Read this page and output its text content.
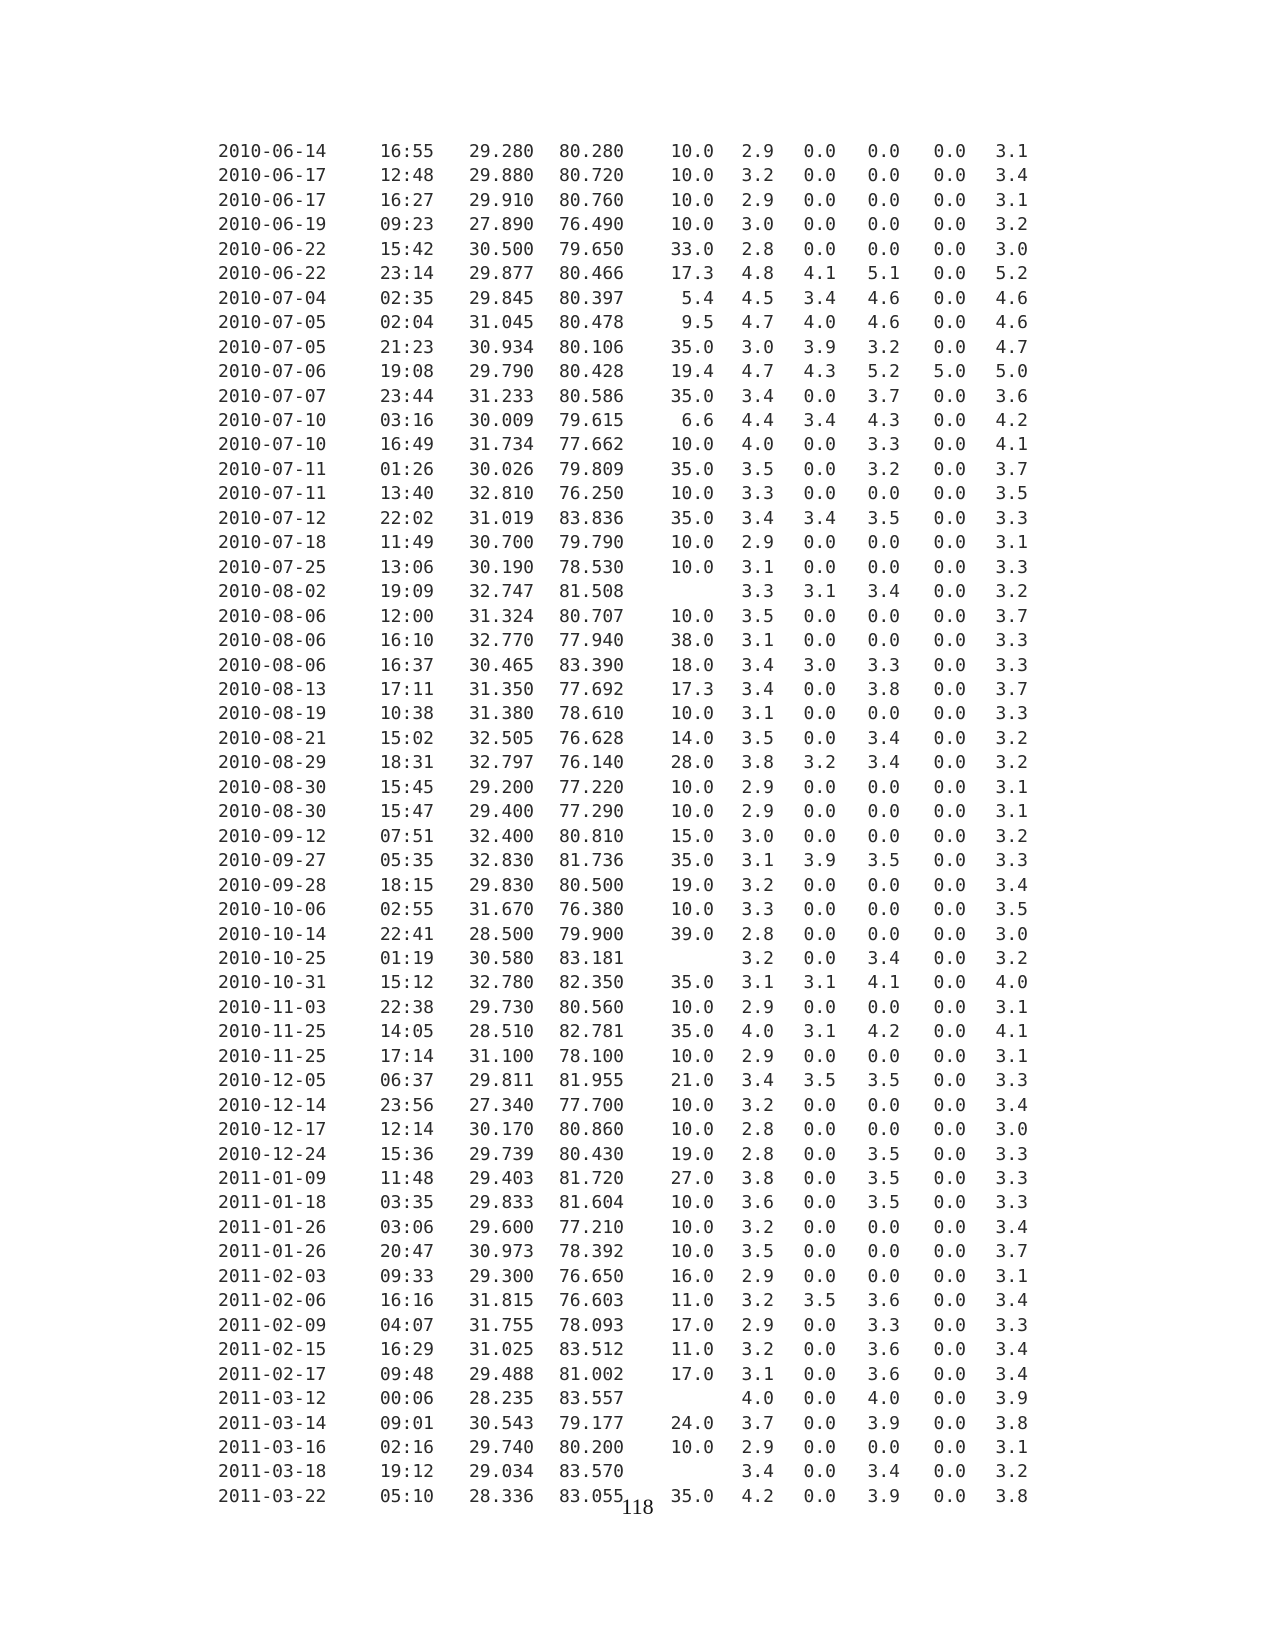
2010-06-14	16:55	29.280	80.280	10.0	2.9	0.0	0.0	0.0	3.1
2010-06-17	12:48	29.880	80.720	10.0	3.2	0.0	0.0	0.0	3.4
2010-06-17	16:27	29.910	80.760	10.0	2.9	0.0	0.0	0.0	3.1
2010-06-19	09:23	27.890	76.490	10.0	3.0	0.0	0.0	0.0	3.2
2010-06-22	15:42	30.500	79.650	33.0	2.8	0.0	0.0	0.0	3.0
2010-06-22	23:14	29.877	80.466	17.3	4.8	4.1	5.1	0.0	5.2
2010-07-04	02:35	29.845	80.397	5.4	4.5	3.4	4.6	0.0	4.6
2010-07-05	02:04	31.045	80.478	9.5	4.7	4.0	4.6	0.0	4.6
2010-07-05	21:23	30.934	80.106	35.0	3.0	3.9	3.2	0.0	4.7
2010-07-06	19:08	29.790	80.428	19.4	4.7	4.3	5.2	5.0	5.0
2010-07-07	23:44	31.233	80.586	35.0	3.4	0.0	3.7	0.0	3.6
2010-07-10	03:16	30.009	79.615	6.6	4.4	3.4	4.3	0.0	4.2
2010-07-10	16:49	31.734	77.662	10.0	4.0	0.0	3.3	0.0	4.1
2010-07-11	01:26	30.026	79.809	35.0	3.5	0.0	3.2	0.0	3.7
2010-07-11	13:40	32.810	76.250	10.0	3.3	0.0	0.0	0.0	3.5
2010-07-12	22:02	31.019	83.836	35.0	3.4	3.4	3.5	0.0	3.3
2010-07-18	11:49	30.700	79.790	10.0	2.9	0.0	0.0	0.0	3.1
2010-07-25	13:06	30.190	78.530	10.0	3.1	0.0	0.0	0.0	3.3
2010-08-02	19:09	32.747	81.508		3.3	3.1	3.4	0.0	3.2
2010-08-06	12:00	31.324	80.707	10.0	3.5	0.0	0.0	0.0	3.7
2010-08-06	16:10	32.770	77.940	38.0	3.1	0.0	0.0	0.0	3.3
2010-08-06	16:37	30.465	83.390	18.0	3.4	3.0	3.3	0.0	3.3
2010-08-13	17:11	31.350	77.692	17.3	3.4	0.0	3.8	0.0	3.7
2010-08-19	10:38	31.380	78.610	10.0	3.1	0.0	0.0	0.0	3.3
2010-08-21	15:02	32.505	76.628	14.0	3.5	0.0	3.4	0.0	3.2
2010-08-29	18:31	32.797	76.140	28.0	3.8	3.2	3.4	0.0	3.2
2010-08-30	15:45	29.200	77.220	10.0	2.9	0.0	0.0	0.0	3.1
2010-08-30	15:47	29.400	77.290	10.0	2.9	0.0	0.0	0.0	3.1
2010-09-12	07:51	32.400	80.810	15.0	3.0	0.0	0.0	0.0	3.2
2010-09-27	05:35	32.830	81.736	35.0	3.1	3.9	3.5	0.0	3.3
2010-09-28	18:15	29.830	80.500	19.0	3.2	0.0	0.0	0.0	3.4
2010-10-06	02:55	31.670	76.380	10.0	3.3	0.0	0.0	0.0	3.5
2010-10-14	22:41	28.500	79.900	39.0	2.8	0.0	0.0	0.0	3.0
2010-10-25	01:19	30.580	83.181		3.2	0.0	3.4	0.0	3.2
2010-10-31	15:12	32.780	82.350	35.0	3.1	3.1	4.1	0.0	4.0
2010-11-03	22:38	29.730	80.560	10.0	2.9	0.0	0.0	0.0	3.1
2010-11-25	14:05	28.510	82.781	35.0	4.0	3.1	4.2	0.0	4.1
2010-11-25	17:14	31.100	78.100	10.0	2.9	0.0	0.0	0.0	3.1
2010-12-05	06:37	29.811	81.955	21.0	3.4	3.5	3.5	0.0	3.3
2010-12-14	23:56	27.340	77.700	10.0	3.2	0.0	0.0	0.0	3.4
2010-12-17	12:14	30.170	80.860	10.0	2.8	0.0	0.0	0.0	3.0
2010-12-24	15:36	29.739	80.430	19.0	2.8	0.0	3.5	0.0	3.3
2011-01-09	11:48	29.403	81.720	27.0	3.8	0.0	3.5	0.0	3.3
2011-01-18	03:35	29.833	81.604	10.0	3.6	0.0	3.5	0.0	3.3
2011-01-26	03:06	29.600	77.210	10.0	3.2	0.0	0.0	0.0	3.4
2011-01-26	20:47	30.973	78.392	10.0	3.5	0.0	0.0	0.0	3.7
2011-02-03	09:33	29.300	76.650	16.0	2.9	0.0	0.0	0.0	3.1
2011-02-06	16:16	31.815	76.603	11.0	3.2	3.5	3.6	0.0	3.4
2011-02-09	04:07	31.755	78.093	17.0	2.9	0.0	3.3	0.0	3.3
2011-02-15	16:29	31.025	83.512	11.0	3.2	0.0	3.6	0.0	3.4
2011-02-17	09:48	29.488	81.002	17.0	3.1	0.0	3.6	0.0	3.4
2011-03-12	00:06	28.235	83.557		4.0	0.0	4.0	0.0	3.9
2011-03-14	09:01	30.543	79.177	24.0	3.7	0.0	3.9	0.0	3.8
2011-03-16	02:16	29.740	80.200	10.0	2.9	0.0	0.0	0.0	3.1
2011-03-18	19:12	29.034	83.570		3.4	0.0	3.4	0.0	3.2
2011-03-22	05:10	28.336	83.055	35.0	4.2	0.0	3.9	0.0	3.8
118
